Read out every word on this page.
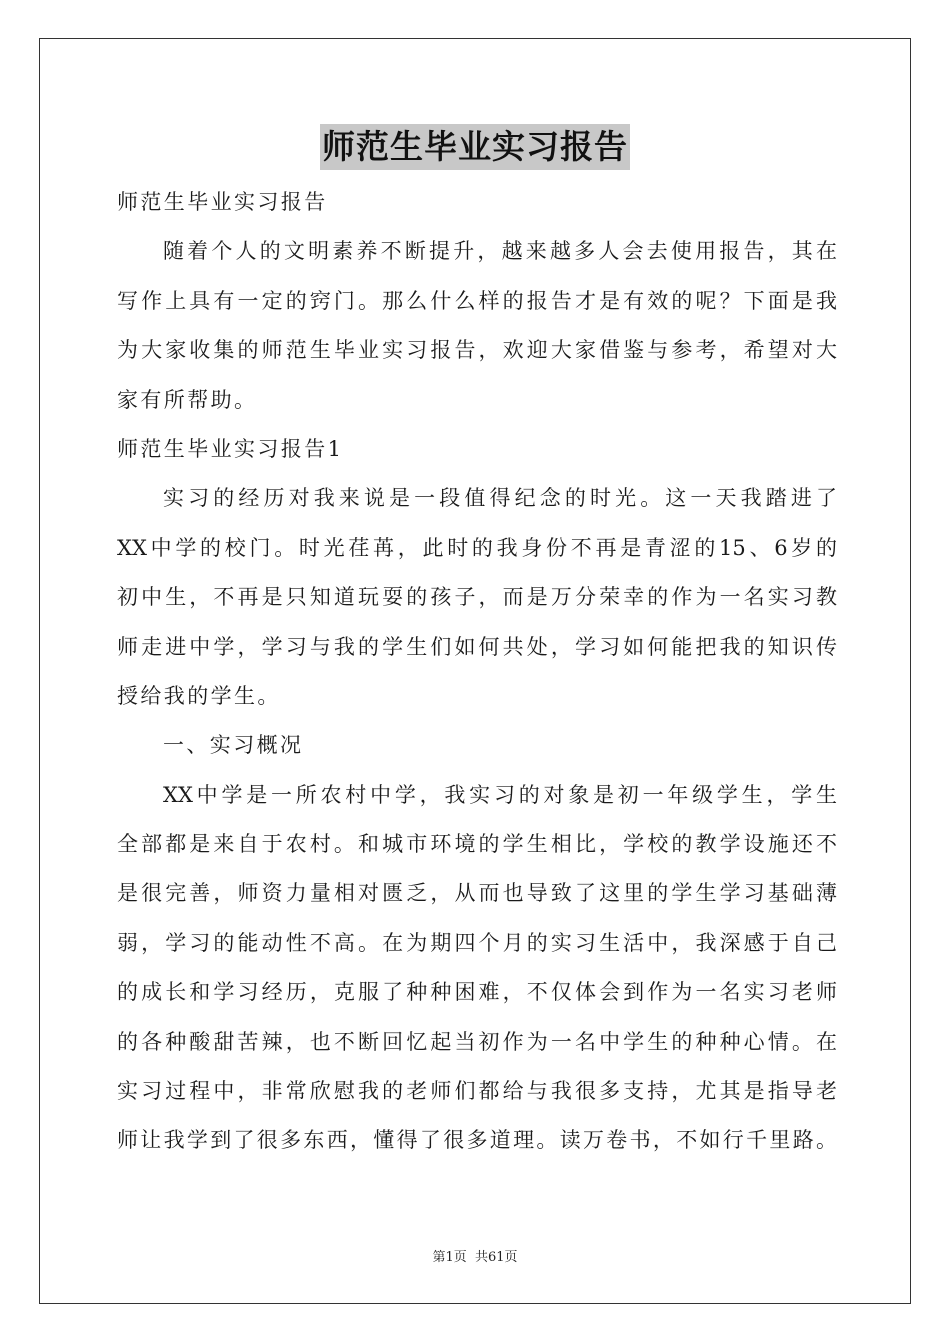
师范生毕业实习报告
师范生毕业实习报告
随着个人的文明素养不断提升，越来越多人会去使用报告，其在
写作上具有一定的窍门。那么什么样的报告才是有效的呢？下面是我
为大家收集的师范生毕业实习报告，欢迎大家借鉴与参考，希望对大
家有所帮助。
师范生毕业实习报告1
实习的经历对我来说是一段值得纪念的时光。这一天我踏进了
XX中学的校门。时光荏苒，此时的我身份不再是青涩的15、6岁的
初中生，不再是只知道玩耍的孩子，而是万分荣幸的作为一名实习教
师走进中学，学习与我的学生们如何共处，学习如何能把我的知识传
授给我的学生。
一、实习概况
XX中学是一所农村中学，我实习的对象是初一年级学生，学生
全部都是来自于农村。和城市环境的学生相比，学校的教学设施还不
是很完善，师资力量相对匮乏，从而也导致了这里的学生学习基础薄
弱，学习的能动性不高。在为期四个月的实习生活中，我深感于自己
的成长和学习经历，克服了种种困难，不仅体会到作为一名实习老师
的各种酸甜苦辣，也不断回忆起当初作为一名中学生的种种心情。在
实习过程中，非常欣慰我的老师们都给与我很多支持，尤其是指导老
师让我学到了很多东西，懂得了很多道理。读万卷书，不如行千里路。
第1页 共61页
